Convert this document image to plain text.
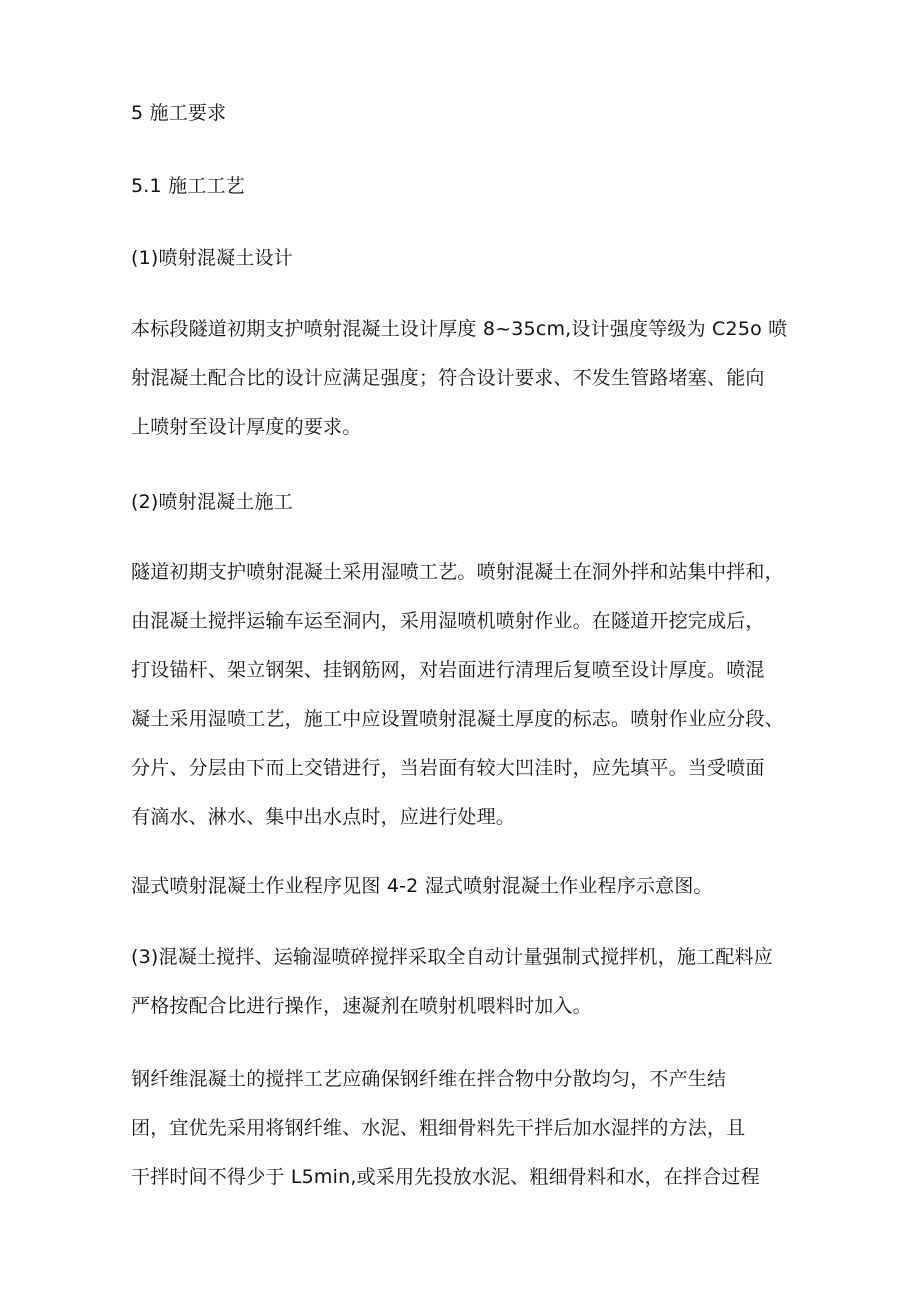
5 施工要求
5.1 施工工艺
(1)喷射混凝土设计
本标段隧道初期支护喷射混凝土设计厚度 8~35cm,设计强度等级为 C25o 喷
射混凝土配合比的设计应满足强度；符合设计要求、不发生管路堵塞、能向
上喷射至设计厚度的要求。
(2)喷射混凝土施工
隧道初期支护喷射混凝土采用湿喷工艺。喷射混凝土在洞外拌和站集中拌和，
由混凝土搅拌运输车运至洞内，采用湿喷机喷射作业。在隧道开挖完成后，
打设锚杆、架立钢架、挂钢筋网，对岩面进行清理后复喷至设计厚度。喷混
凝土采用湿喷工艺，施工中应设置喷射混凝土厚度的标志。喷射作业应分段、
分片、分层由下而上交错进行，当岩面有较大凹洼时，应先填平。当受喷面
有滴水、淋水、集中出水点时，应进行处理。
湿式喷射混凝土作业程序见图 4-2 湿式喷射混凝土作业程序示意图。
(3)混凝土搅拌、运输湿喷碎搅拌采取全自动计量强制式搅拌机，施工配料应
严格按配合比进行操作，速凝剂在喷射机喂料时加入。
钢纤维混凝土的搅拌工艺应确保钢纤维在拌合物中分散均匀，不产生结
团，宜优先采用将钢纤维、水泥、粗细骨料先干拌后加水湿拌的方法，且
干拌时间不得少于 L5min,或采用先投放水泥、粗细骨料和水，在拌合过程
